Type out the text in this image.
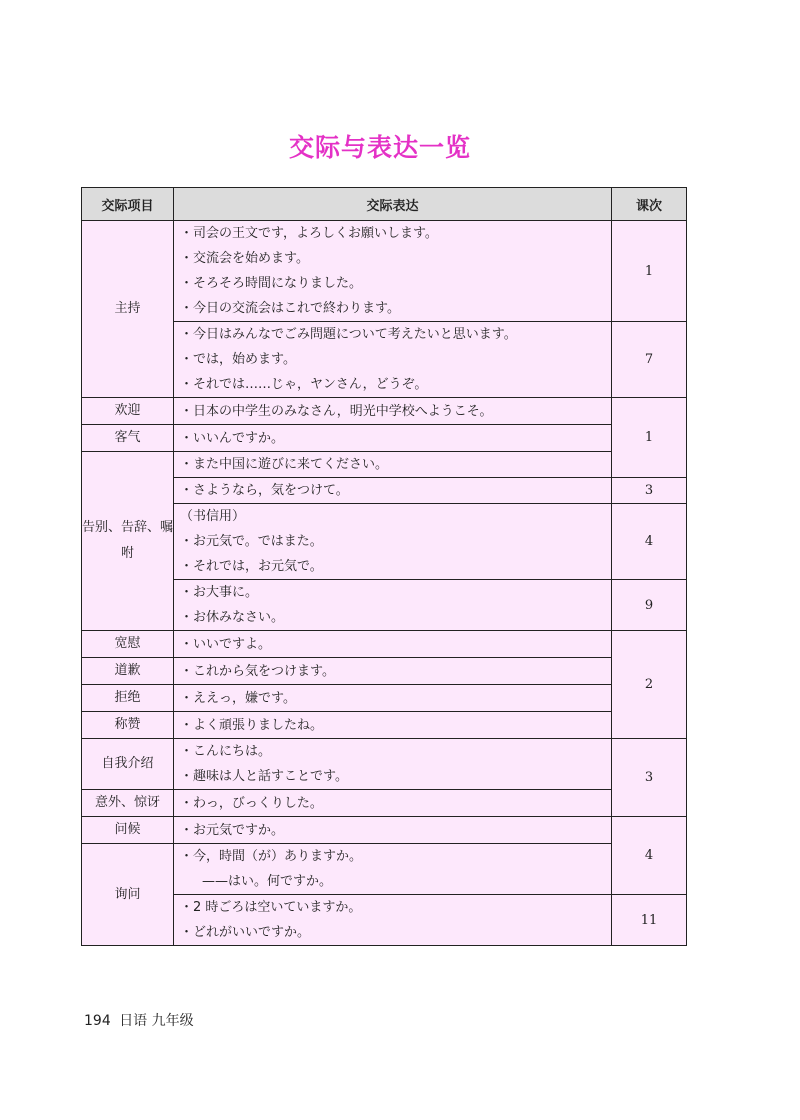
交际与表达一览
交际项目	交际表达	课次
主持	・司会の王文です，よろしくお願いします。
・交流会を始めます。
・そろそろ時間になりました。
・今日の交流会はこれで終わります。	1

	・今日はみんなでごみ問題について考えたいと思います。
・では，始めます。
・それでは……じゃ，ヤンさん，どうぞ。	7
欢迎	・日本の中学生のみなさん，明光中学校へようこそ。	1
客气	・いいんですか。	

告别、告辞、嘱咐	・また中国に遊びに来てください。	

	・さようなら，気をつけて。	3

	（书信用）
・お元気で。ではまた。
・それでは，お元気で。	4

	・お大事に。
・お休みなさい。	9
宽慰	・いいですよ。	2
道歉	・これから気をつけます。	

拒绝	・ええっ，嫌です。	

称赞	・よく頑張りましたね。	

自我介绍	・こんにちは。
・趣味は人と話すことです。	3
意外、惊讶	・わっ，びっくりした。	

问候	・お元気ですか。	4
询问	・今，時間（が）ありますか。
——はい。何ですか。	

	・2 時ごろは空いていますか。
・どれがいいですか。	11
194 日语 九年级
